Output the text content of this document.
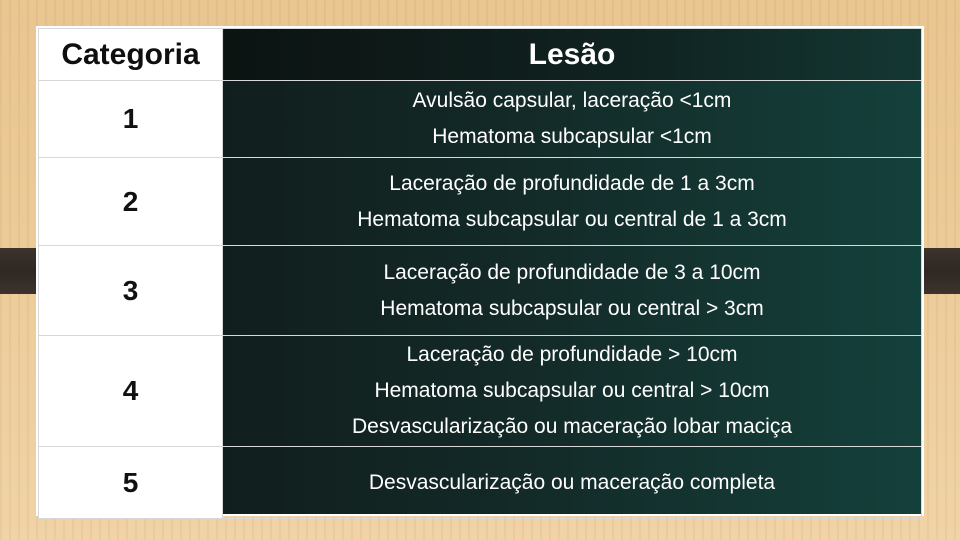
Categoria	Lesão
1	Avulsão capsular, laceração <1cm
Hematoma subcapsular <1cm

2	Laceração de profundidade de 1 a 3cm
Hematoma subcapsular ou central de 1 a 3cm

3	Laceração de profundidade de 3 a 10cm
Hematoma subcapsular ou central > 3cm

4	Laceração de profundidade > 10cm
Hematoma subcapsular ou central > 10cm
Desvascularização ou maceração lobar maciça

5	Desvascularização ou maceração completa
